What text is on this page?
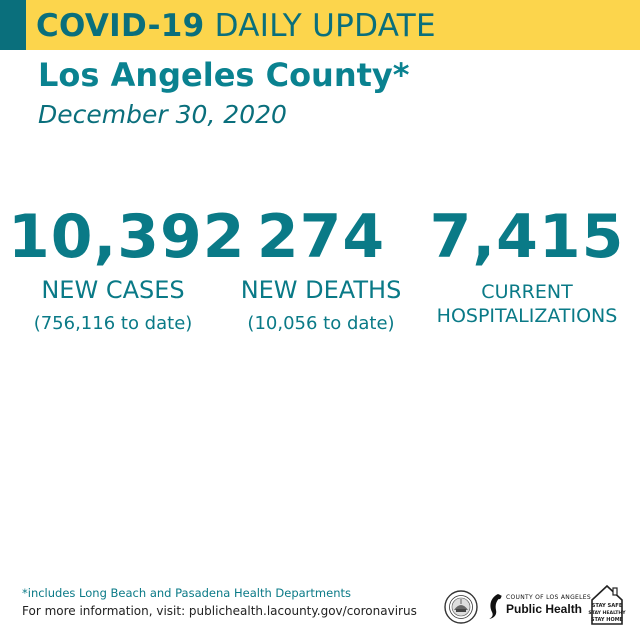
COVID-19 DAILY UPDATE
Los Angeles County*
December 30, 2020
10,392
NEW CASES
(756,116 to date)
274
NEW DEATHS
(10,056 to date)
7,415
CURRENT
HOSPITALIZATIONS
*includes Long Beach and Pasadena Health Departments
For more information, visit: publichealth.lacounty.gov/coronavirus
COUNTY OF LOS ANGELES
Public Health STAY SAFE
STAY HEALTHY
STAY HOME
